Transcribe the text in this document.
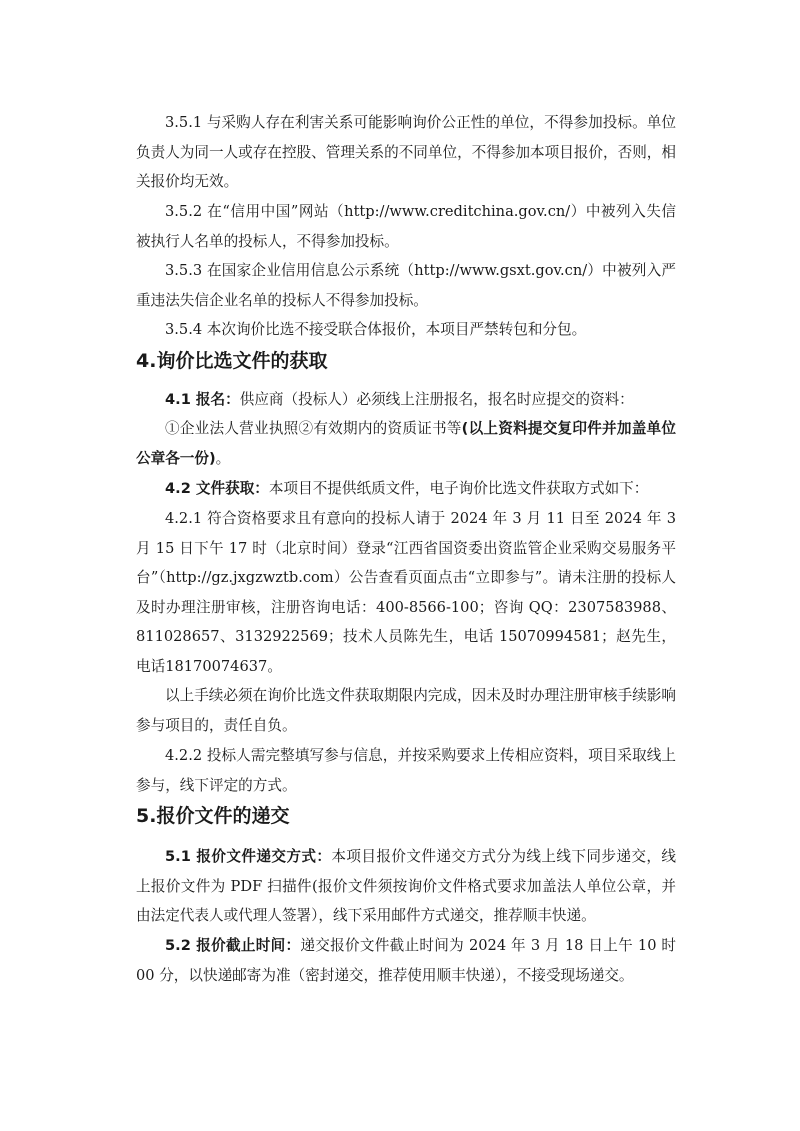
3.5.1 与采购人存在利害关系可能影响询价公正性的单位，不得参加投标。单位负责人为同一人或存在控股、管理关系的不同单位，不得参加本项目报价，否则，相关报价均无效。
3.5.2 在“信用中国”网站（http://www.creditchina.gov.cn/）中被列入失信被执行人名单的投标人，不得参加投标。
3.5.3 在国家企业信用信息公示系统（http://www.gsxt.gov.cn/）中被列入严重违法失信企业名单的投标人不得参加投标。
3.5.4 本次询价比选不接受联合体报价，本项目严禁转包和分包。
4.询价比选文件的获取
4.1 报名：供应商（投标人）必须线上注册报名，报名时应提交的资料：
①企业法人营业执照②有效期内的资质证书等(以上资料提交复印件并加盖单位公章各一份)。
4.2 文件获取：本项目不提供纸质文件，电子询价比选文件获取方式如下：
4.2.1 符合资格要求且有意向的投标人请于 2024 年 3 月 11 日至 2024 年 3 月 15 日下午 17 时（北京时间）登录“江西省国资委出资监管企业采购交易服务平台”（http://gz.jxgzwztb.com）公告查看页面点击“立即参与”。请未注册的投标人及时办理注册审核，注册咨询电话：400-8566-100；咨询 QQ：2307583988、811028657、3132922569；技术人员陈先生，电话 15070994581；赵先生，电话18170074637。
以上手续必须在询价比选文件获取期限内完成，因未及时办理注册审核手续影响参与项目的，责任自负。
4.2.2 投标人需完整填写参与信息，并按采购要求上传相应资料，项目采取线上参与，线下评定的方式。
5.报价文件的递交
5.1 报价文件递交方式：本项目报价文件递交方式分为线上线下同步递交，线上报价文件为 PDF 扫描件(报价文件须按询价文件格式要求加盖法人单位公章，并由法定代表人或代理人签署），线下采用邮件方式递交，推荐顺丰快递。
5.2 报价截止时间：递交报价文件截止时间为 2024 年 3 月 18 日上午 10 时 00 分，以快递邮寄为准（密封递交，推荐使用顺丰快递），不接受现场递交。
